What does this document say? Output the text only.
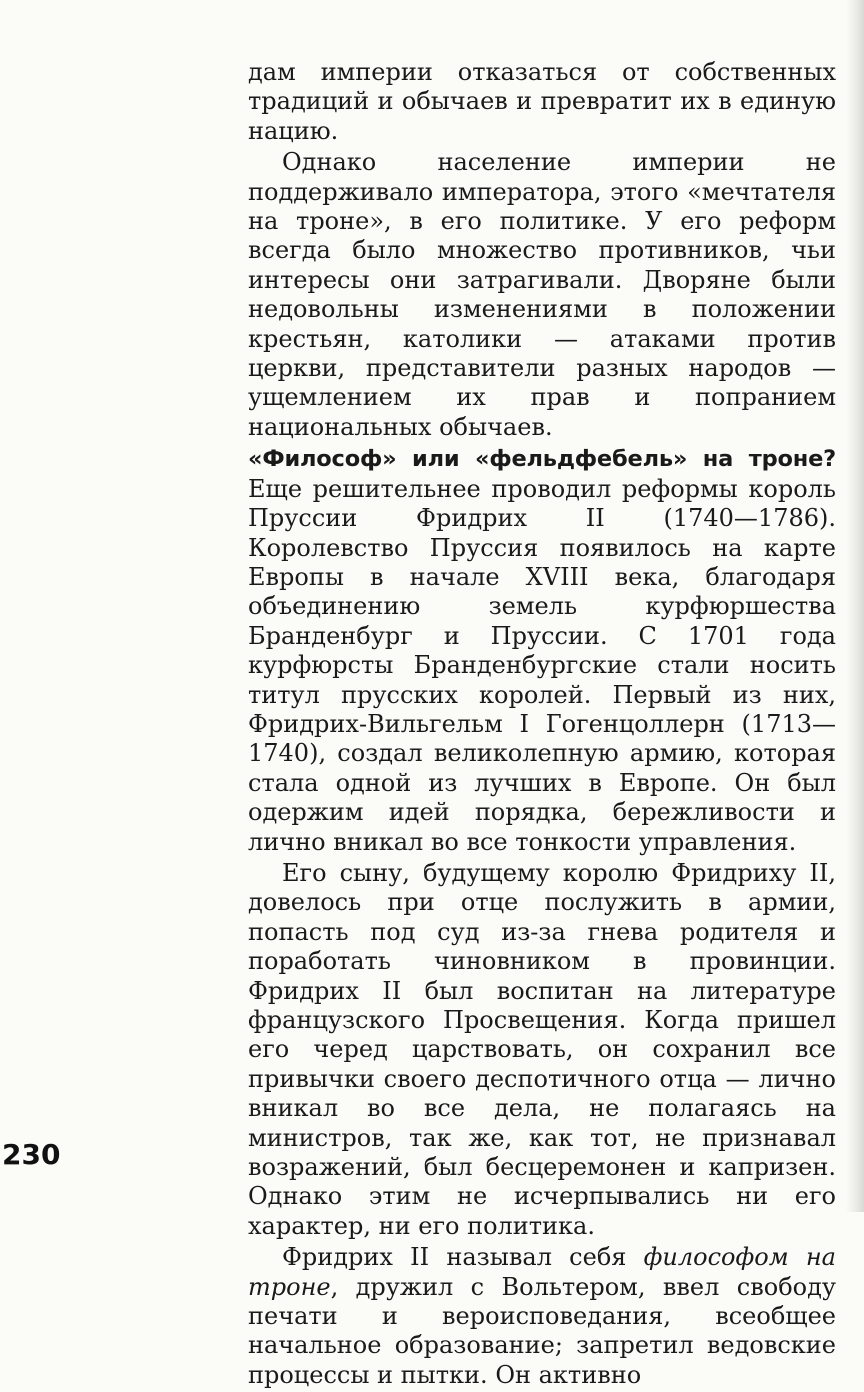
дам империи отказаться от собственных традиций и обычаев и превратит их в единую нацию.

Однако население империи не поддерживало императора, этого «мечтателя на троне», в его политике. У его реформ всегда было множество противников, чьи интересы они затрагивали. Дворяне были недовольны изменениями в положении крестьян, католики — атаками против церкви, представители разных народов — ущемлением их прав и попранием национальных обычаев.

«Философ» или «фельдфебель» на троне? Еще решительнее проводил реформы король Пруссии Фридрих II (1740—1786). Королевство Пруссия появилось на карте Европы в начале XVIII века, благодаря объединению земель курфюршества Бранденбург и Пруссии. С 1701 года курфюрсты Бранденбургские стали носить титул прусских королей. Первый из них, Фридрих-Вильгельм I Гогенцоллерн (1713—1740), создал великолепную армию, которая стала одной из лучших в Европе. Он был одержим идей порядка, бережливости и лично вникал во все тонкости управления.

Его сыну, будущему королю Фридриху II, довелось при отце послужить в армии, попасть под суд из-за гнева родителя и поработать чиновником в провинции. Фридрих II был воспитан на литературе французского Просвещения. Когда пришел его черед царствовать, он сохранил все привычки своего деспотичного отца — лично вникал во все дела, не полагаясь на министров, так же, как тот, не признавал возражений, был бесцеремонен и капризен. Однако этим не исчерпывались ни его характер, ни его политика.

Фридрих II называл себя философом на троне, дружил с Вольтером, ввел свободу печати и вероисповедания, всеобщее начальное образование; запретил ведовские процессы и пытки. Он активно

230
